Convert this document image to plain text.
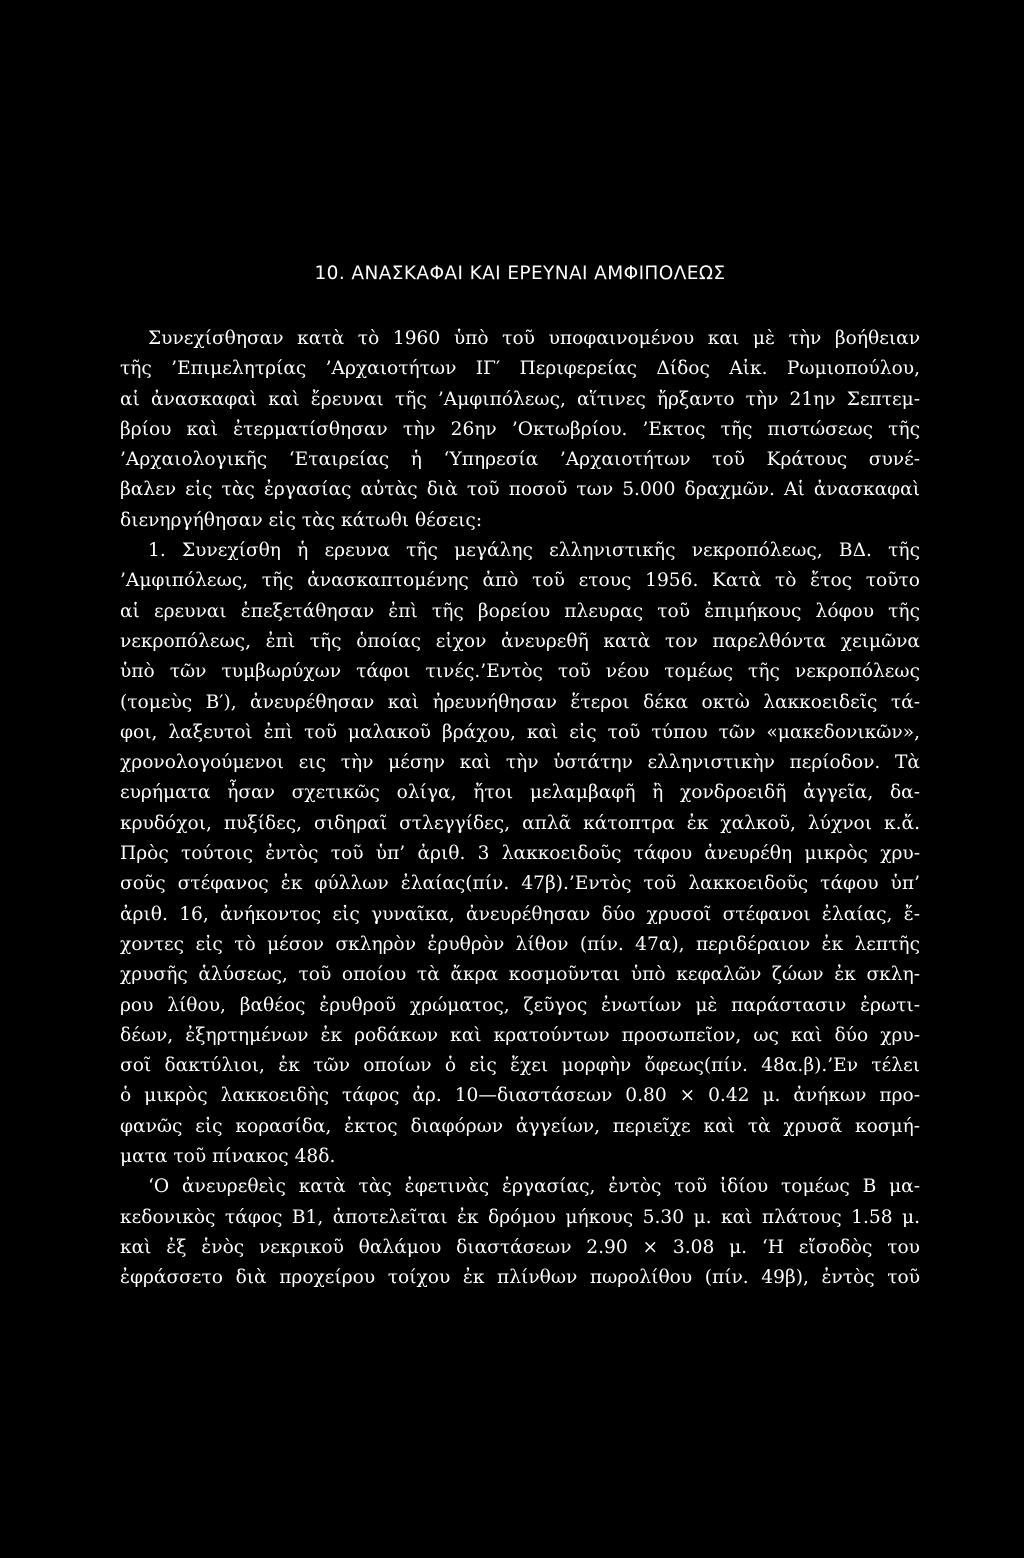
10. ΑΝΑΣΚΑΦΑΙ ΚΑΙ ΕΡΕΥΝΑΙ ΑΜΦΙΠΟΛΕΩΣ
Συνεχίσθησαν κατὰ τὸ 1960 ὑπὸ τοῦ υποφαινομένου και μὲ τὴν βοήθειαν
τῆς ’Επιμελητρίας ’Αρχαιοτήτων ΙΓ′ Περιφερείας Δίδος Αἰκ. Ρωμιοπούλου,
αἱ ἀνασκαφαὶ καὶ ἔρευναι τῆς ’Αμφιπόλεως, αἵτινες ἤρξαντο τὴν 21ην Σεπτεμ-
βρίου καὶ ἐτερματίσθησαν τὴν 26ην ’Οκτωβρίου. ’Εκτος τῆς πιστώσεως τῆς
’Αρχαιολογικῆς ‘Εταιρείας ἡ ‘Υπηρεσία ’Αρχαιοτήτων τοῦ Κράτους συνέ-
βαλεν εἰς τὰς ἐργασίας αὐτὰς διὰ τοῦ ποσοῦ των 5.000 δραχμῶν. Αἱ ἀνασκαφαὶ
διενηργήθησαν εἰς τὰς κάτωθι θέσεις:
1. Συνεχίσθη ἡ ερευνα τῆς μεγάλης ελληνιστικῆς νεκροπόλεως, ΒΔ. τῆς
’Αμφιπόλεως, τῆς ἀνασκαπτομένης ἀπὸ τοῦ ετους 1956. Κατὰ τὸ ἔτος τοῦτο
αἱ ερευναι ἐπεξετάθησαν ἐπὶ τῆς βορείου πλευρας τοῦ ἐπιμήκους λόφου τῆς
νεκροπόλεως, ἐπὶ τῆς ὁποίας εἰχον ἀνευρεθῆ κατὰ τον παρελθόντα χειμῶνα
ὑπὸ τῶν τυμβωρύχων τάφοι τινές.’Εντὸς τοῦ νέου τομέως τῆς νεκροπόλεως
(τομεὺς Β′), ἀνευρέθησαν καὶ ἠρευνήθησαν ἕτεροι δέκα οκτὼ λακκοειδεῖς τά-
φοι, λαξευτοὶ ἐπὶ τοῦ μαλακοῦ βράχου, καὶ εἰς τοῦ τύπου τῶν «μακεδονικῶν»,
χρονολογούμενοι εις τὴν μέσην καὶ τὴν ὑστάτην ελληνιστικὴν περίοδον. Τὰ
ευρήματα ἦσαν σχετικῶς ολίγα, ἤτοι μελαμβαφῆ ἢ χονδροειδῆ ἀγγεῖα, δα-
κρυδόχοι, πυξίδες, σιδηραῖ στλεγγίδες, απλᾶ κάτοπτρα ἐκ χαλκοῦ, λύχνοι κ.ἄ.
Πρὸς τούτοις ἐντὸς τοῦ ὑπ’ ἀριθ. 3 λακκοειδοῦς τάφου ἀνευρέθη μικρὸς χρυ-
σοῦς στέφανος ἐκ φύλλων ἐλαίας(πίν. 47β).’Εντὸς τοῦ λακκοειδοῦς τάφου ὑπ’
ἀριθ. 16, ἀνήκοντος εἰς γυναῖκα, ἀνευρέθησαν δύο χρυσοῖ στέφανοι ἐλαίας, ἔ-
χοντες εἰς τὸ μέσον σκληρὸν ἐρυθρὸν λίθον (πίν. 47α), περιδέραιον ἐκ λεπτῆς
χρυσῆς ἁλύσεως, τοῦ οποίου τὰ ἄκρα κοσμοῦνται ὑπὸ κεφαλῶν ζώων ἐκ σκλη-
ρου λίθου, βαθέος ἐρυθροῦ χρώματος, ζεῦγος ἐνωτίων μὲ παράστασιν ἐρωτι-
δέων, ἐξηρτημένων ἐκ ροδάκων καὶ κρατούντων προσωπεῖον, ως καὶ δύο χρυ-
σοῖ δακτύλιοι, ἐκ τῶν οποίων ὁ εἰς ἔχει μορφὴν ὄφεως(πίν. 48α.β).’Εν τέλει
ὁ μικρὸς λακκοειδὴς τάφος ἀρ. 10—διαστάσεων 0.80 × 0.42 μ. ἀνήκων προ-
φανῶς εἰς κορασίδα, ἐκτος διαφόρων ἀγγείων, περιεῖχε καὶ τὰ χρυσᾶ κοσμή-
ματα τοῦ πίνακος 48δ.
‘Ο ἀνευρεθεὶς κατὰ τὰς ἐφετινὰς ἐργασίας, ἐντὸς τοῦ ἰδίου τομέως Β μα-
κεδονικὸς τάφος Β1, ἀποτελεῖται ἐκ δρόμου μήκους 5.30 μ. καὶ πλάτους 1.58 μ.
καὶ ἐξ ἑνὸς νεκρικοῦ θαλάμου διαστάσεων 2.90 × 3.08 μ. ‘Η εἴσοδὸς του
ἐφράσσετο διὰ προχείρου τοίχου ἐκ πλίνθων πωρολίθου (πίν. 49β), ἐντὸς τοῦ
